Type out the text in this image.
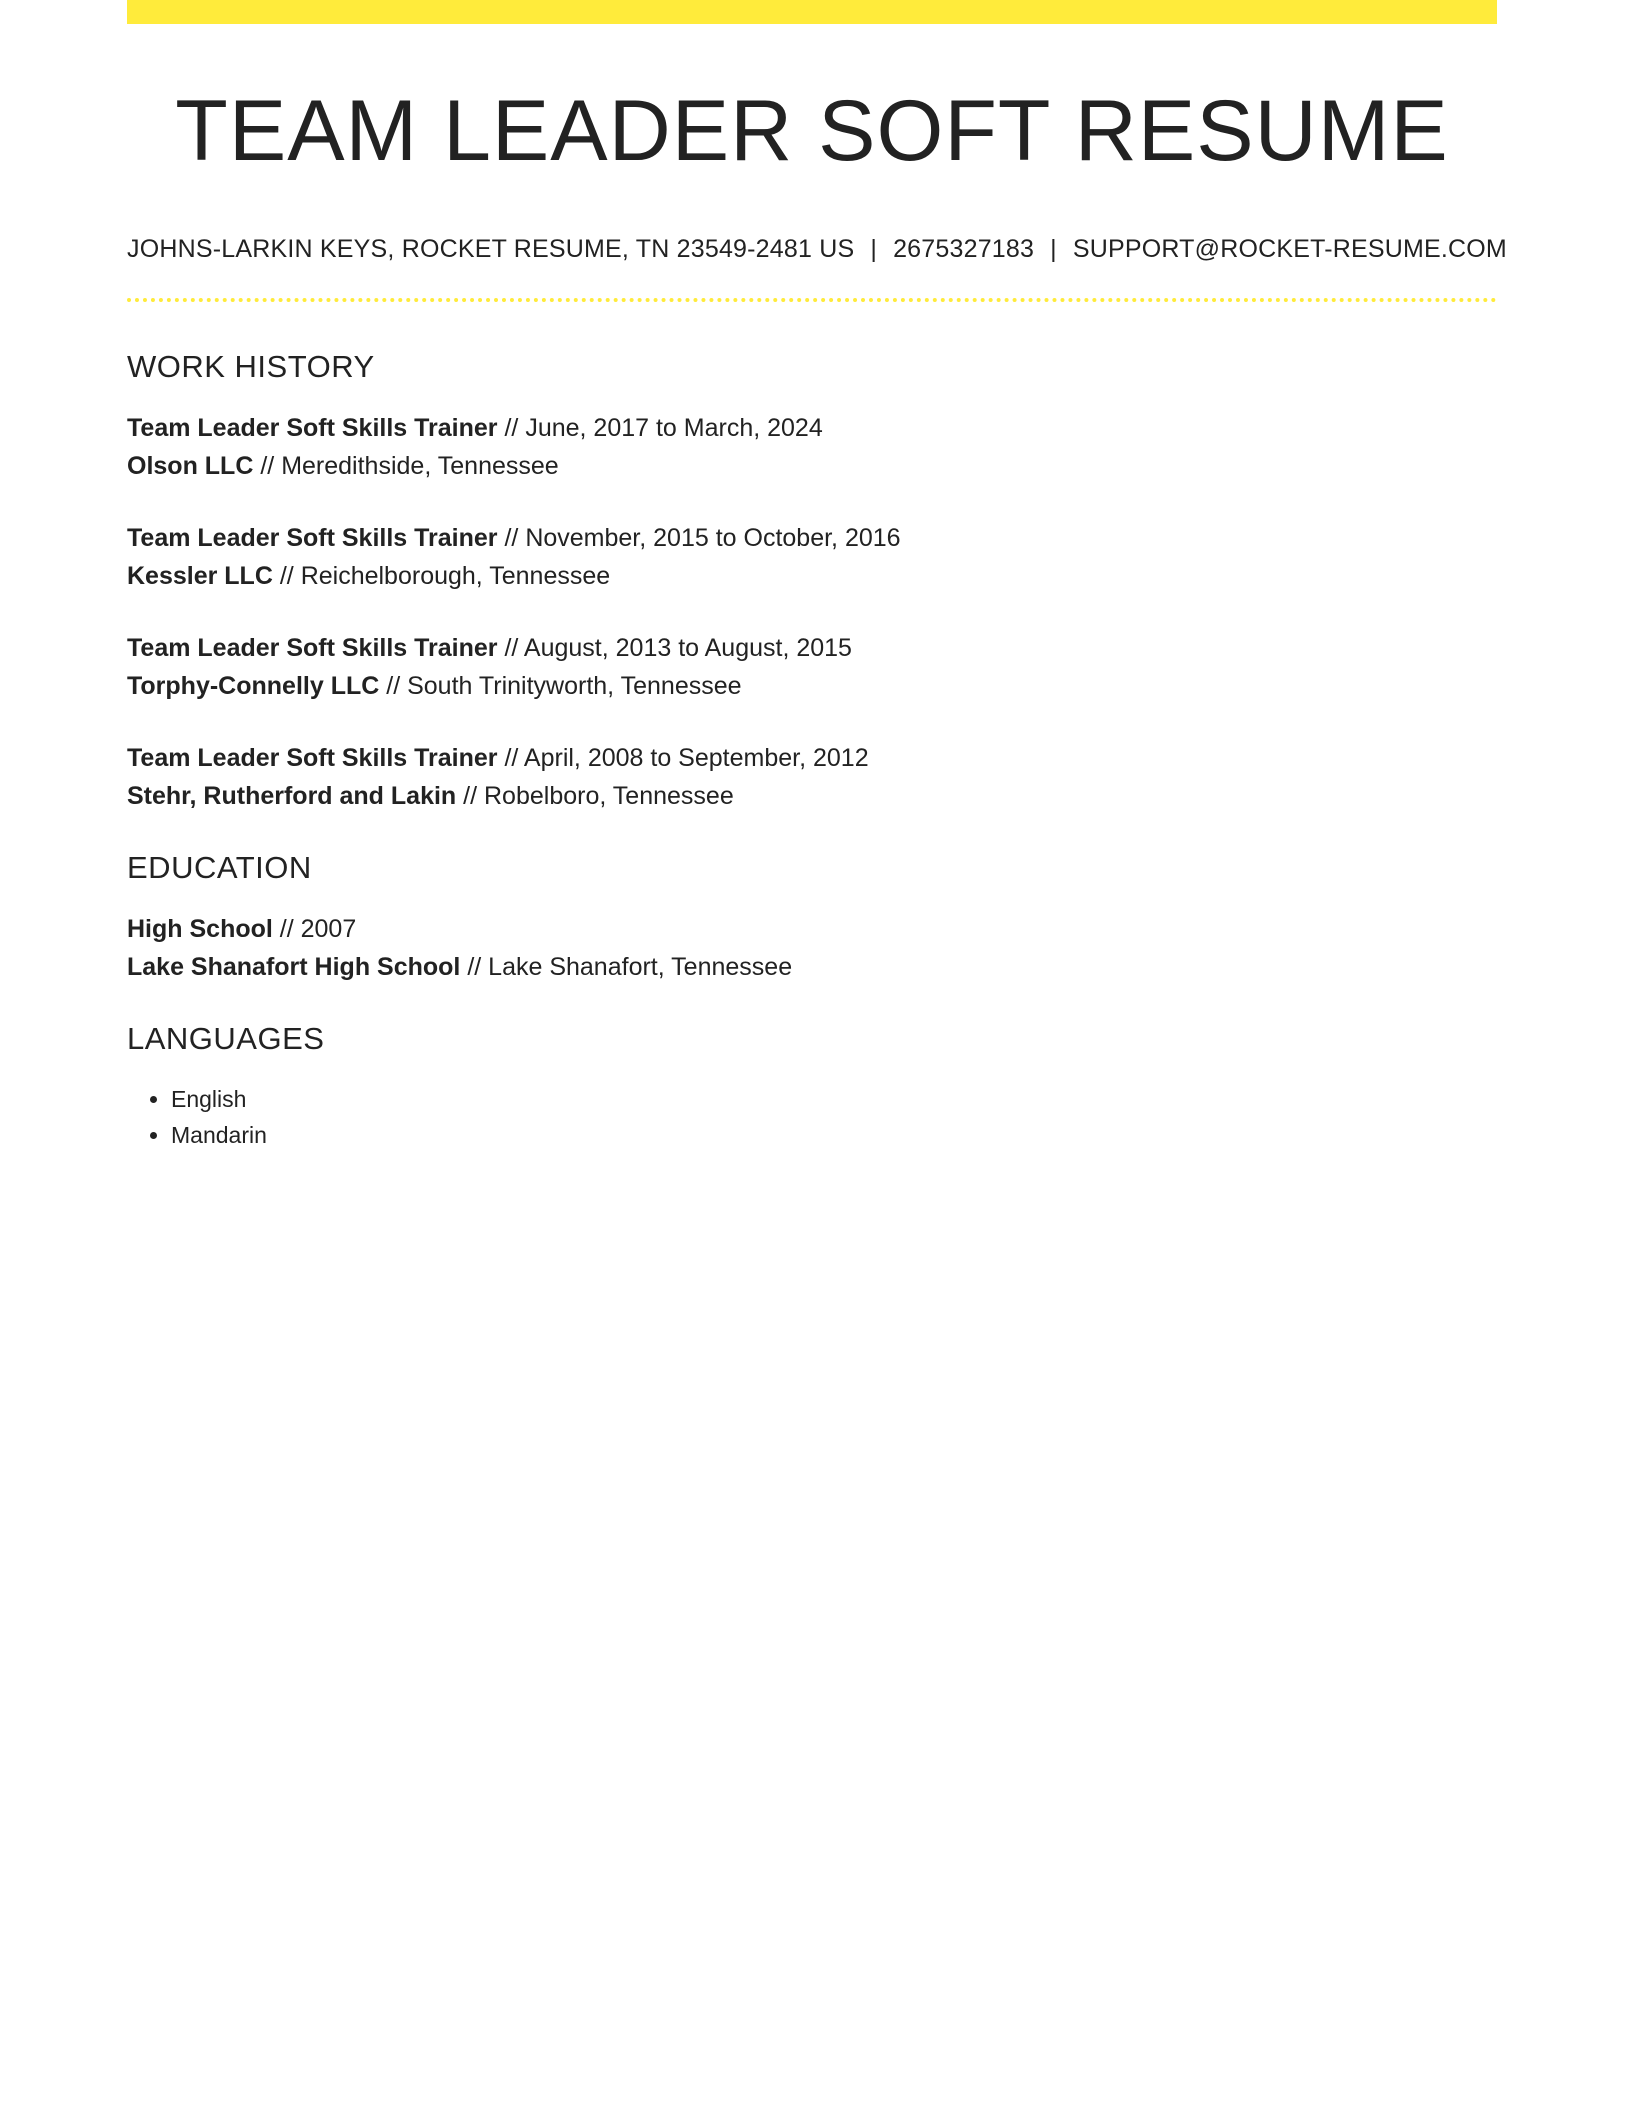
TEAM LEADER SOFT RESUME
JOHNS-LARKIN KEYS, ROCKET RESUME, TN 23549-2481 US | 2675327183 | SUPPORT@ROCKET-RESUME.COM
WORK HISTORY
Team Leader Soft Skills Trainer // June, 2017 to March, 2024
Olson LLC // Meredithside, Tennessee
Team Leader Soft Skills Trainer // November, 2015 to October, 2016
Kessler LLC // Reichelborough, Tennessee
Team Leader Soft Skills Trainer // August, 2013 to August, 2015
Torphy-Connelly LLC // South Trinityworth, Tennessee
Team Leader Soft Skills Trainer // April, 2008 to September, 2012
Stehr, Rutherford and Lakin // Robelboro, Tennessee
EDUCATION
High School // 2007
Lake Shanafort High School // Lake Shanafort, Tennessee
LANGUAGES
• English
• Mandarin
